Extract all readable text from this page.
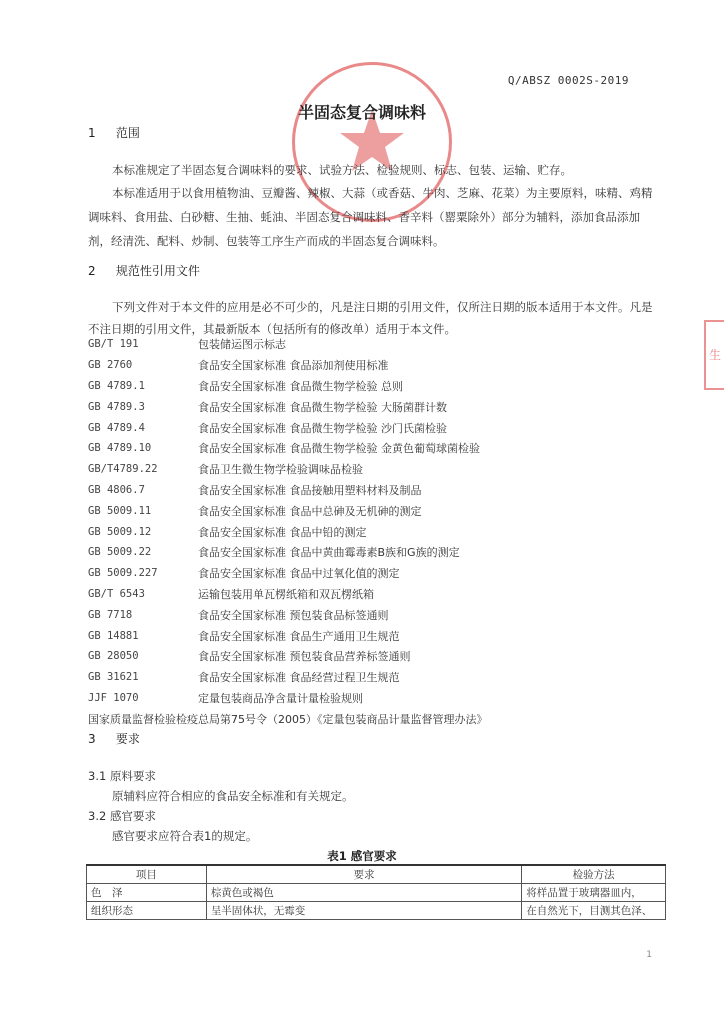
Q/ABSZ 0002S-2019
半固态复合调味料
1 范围
本标准规定了半固态复合调味料的要求、试验方法、检验规则、标志、包装、运输、贮存。
本标准适用于以食用植物油、豆瓣酱、辣椒、大蒜（或香菇、牛肉、芝麻、花菜）为主要原料，味精、鸡精调味料、食用盐、白砂糖、生抽、蚝油、半固态复合调味料、香辛料（罂粟除外）部分为辅料，添加食品添加剂，经清洗、配料、炒制、包装等工序生产而成的半固态复合调味料。
2 规范性引用文件
下列文件对于本文件的应用是必不可少的，凡是注日期的引用文件，仅所注日期的版本适用于本文件。凡是不注日期的引用文件，其最新版本（包括所有的修改单）适用于本文件。
GB/T 191	包装储运图示标志
GB 2760	食品安全国家标准 食品添加剂使用标准
GB 4789.1	食品安全国家标准 食品微生物学检验 总则
GB 4789.3	食品安全国家标准 食品微生物学检验 大肠菌群计数
GB 4789.4	食品安全国家标准 食品微生物学检验 沙门氏菌检验
GB 4789.10	食品安全国家标准 食品微生物学检验 金黄色葡萄球菌检验
GB/T4789.22	食品卫生微生物学检验调味品检验
GB 4806.7	食品安全国家标准 食品接触用塑料材料及制品
GB 5009.11	食品安全国家标准 食品中总砷及无机砷的测定
GB 5009.12	食品安全国家标准 食品中铅的测定
GB 5009.22	食品安全国家标准 食品中黄曲霉毒素B族和G族的测定
GB 5009.227	食品安全国家标准 食品中过氧化值的测定
GB/T 6543	运输包装用单瓦楞纸箱和双瓦楞纸箱
GB 7718	食品安全国家标准 预包装食品标签通则
GB 14881	食品安全国家标准 食品生产通用卫生规范
GB 28050	食品安全国家标准 预包装食品营养标签通则
GB 31621	食品安全国家标准 食品经营过程卫生规范
JJF 1070	定量包装商品净含量计量检验规则
国家质量监督检验检疫总局第75号令（2005）《定量包装商品计量监督管理办法》
3 要求
3.1 原料要求
原辅料应符合相应的食品安全标准和有关规定。
3.2 感官要求
感官要求应符合表1的规定。
表1 感官要求
项目	要求	检验方法
色　泽	棕黄色或褐色	将样品置于玻璃器皿内，
组织形态	呈半固体状，无霉变	在自然光下，目测其色泽、
生
1
